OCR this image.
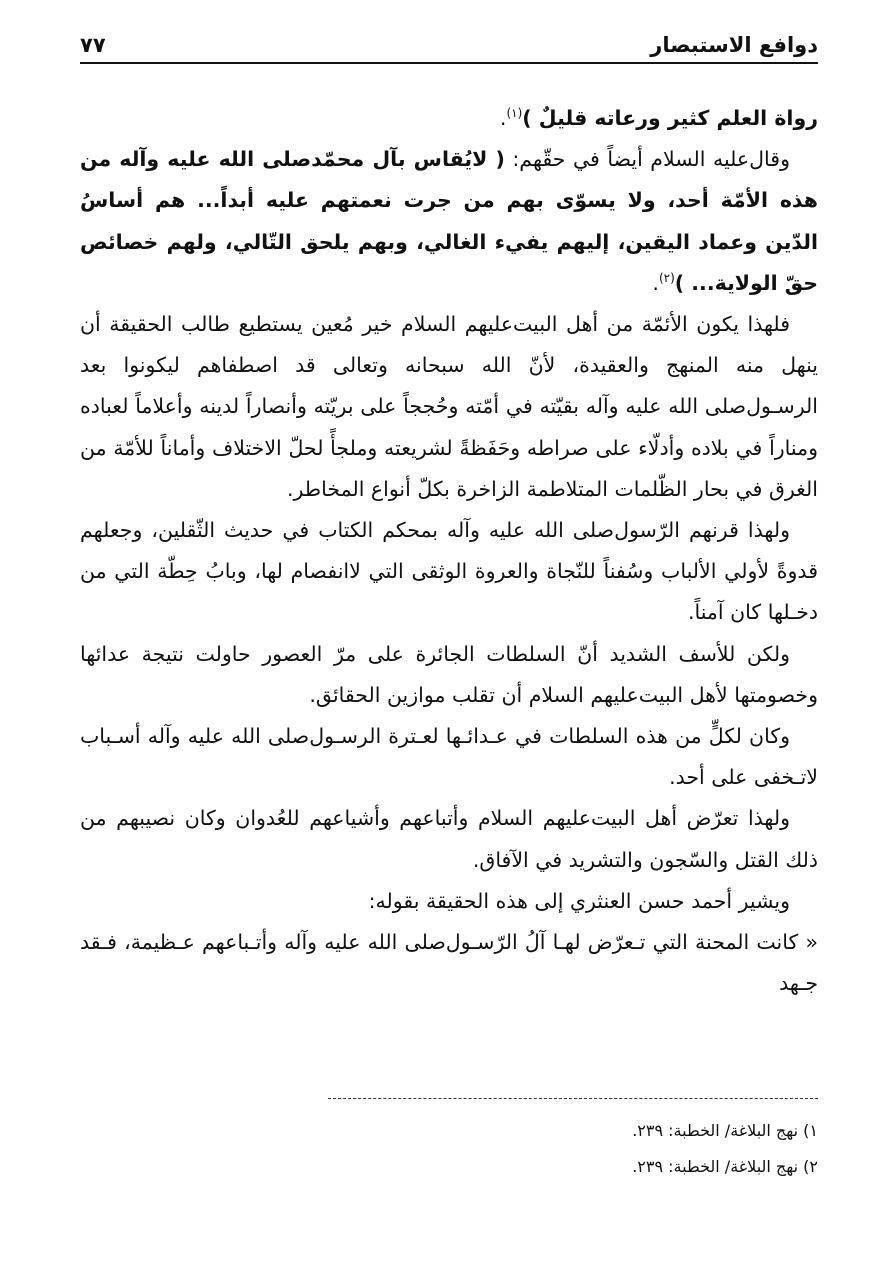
دوافع الاستبصار
٧٧

رواة العلم كثير ورعاته قليلٌ )$^{(١)}$.

وقال‌عليه السلام أيضاً في حقّهم: ( لايُقاس بآل محمّد‌صلى الله عليه وآله من هذه الأمّة أحد، ولا يسوّى بهم من جرت نعمتهم عليه أبداً... هم أساسُ الدّين وعماد اليقين، إليهم يفيء الغالي، وبهم يلحق التّالي، ولهم خصائص حقّ الولاية... )$^{(٢)}$.

فلهذا يكون الأئمّة من أهل البيت‌عليهم السلام خير مُعين يستطيع طالب الحقيقة أن ينهل منه المنهج والعقيدة، لأنّ الله سبحانه وتعالى قد اصطفاهم ليكونوا بعد الرسـول‌صلى الله عليه وآله بقيّته في أمّته وحُججاً على بريّته وأنصاراً لدينه وأعلاماً لعباده ومناراً في بلاده وأدلّاء على صراطه وحَفَظةً لشريعته وملجأً لحلّ الاختلاف وأماناً للأمّة من الغرق في بحار الظّلمات المتلاطمة الزاخرة بكلّ أنواع المخاطر.

ولهذا قرنهم الرّسول‌صلى الله عليه وآله بمحكم الكتاب في حديث الثّقلين، وجعلهم قدوةً لأولي الألباب وسُفناً للنّجاة والعروة الوثقى التي لاانفصام لها، وبابُ حِطّة التي من دخـلها كان آمناً.

ولكن للأسف الشديد أنّ السلطات الجائرة على مرّ العصور حاولت نتيجة عدائها وخصومتها لأهل البيت‌عليهم السلام أن تقلب موازين الحقائق.

وكان لكلٍّ من هذه السلطات في عـدائـها لعـترة الرسـول‌صلى الله عليه وآله أسـباب لاتـخفى على أحد.

ولهذا تعرّض أهل البيت‌عليهم السلام وأتباعهم وأشياعهم للعُدوان وكان نصيبهم من ذلك القتل والسّجون والتشريد في الآفاق.

ويشير أحمد حسن العنثري إلى هذه الحقيقة بقوله:

« كانت المحنة التي تـعرّض لهـا آلُ الرّسـول‌صلى الله عليه وآله وأتـباعهم عـظيمة، فـقد جـهد

١) نهج البلاغة/ الخطبة: ٢٣٩.

٢) نهج البلاغة/ الخطبة: ٢٣٩.
